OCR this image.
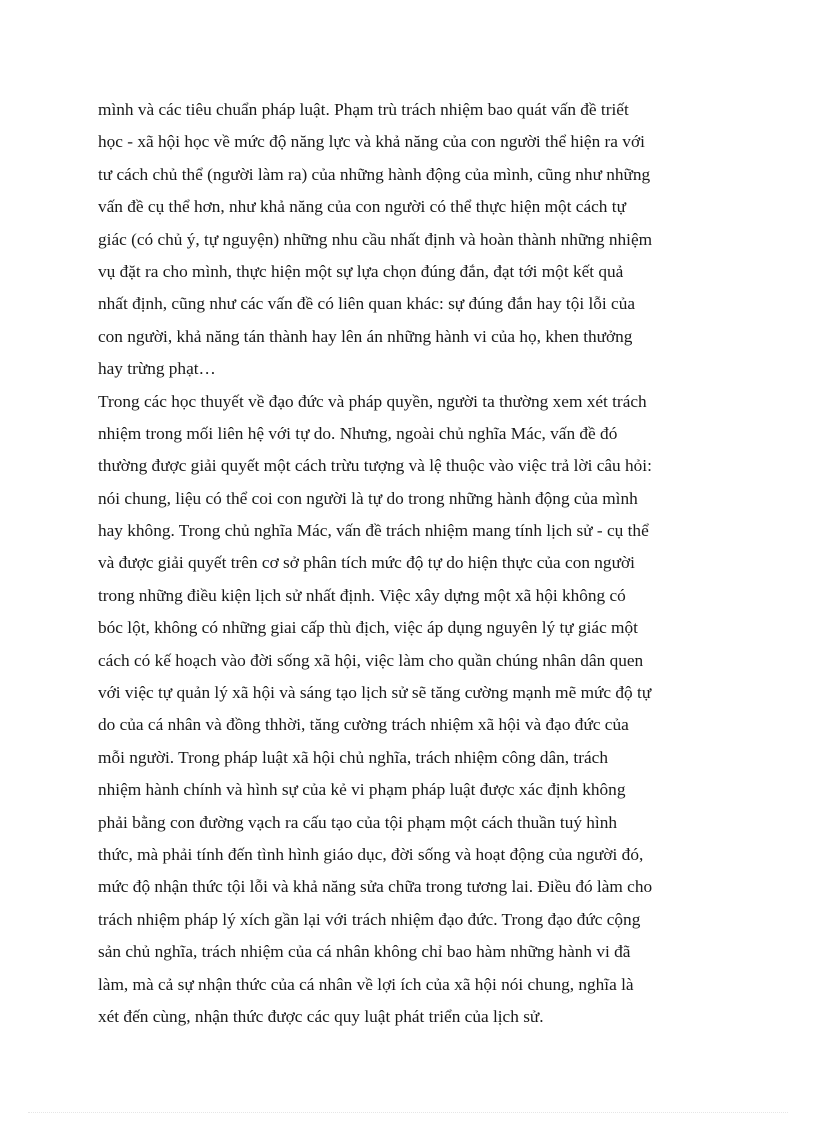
mình và các tiêu chuẩn pháp luật. Phạm trù trách nhiệm bao quát vấn đề triết
học - xã hội học về mức độ năng lực và khả năng của con người thể hiện ra với
tư cách chủ thể (người làm ra) của những hành động của mình, cũng như những
vấn đề cụ thể hơn, như khả năng của con người có thể thực hiện một cách tự
giác (có chủ ý, tự nguyện) những nhu cầu nhất định và hoàn thành những nhiệm
vụ đặt ra cho mình, thực hiện một sự lựa chọn đúng đắn, đạt tới một kết quả
nhất định, cũng như các vấn đề có liên quan khác: sự đúng đắn hay tội lỗi của
con người, khả năng tán thành hay lên án những hành vi của họ, khen thưởng
hay trừng phạt…
Trong các học thuyết về đạo đức và pháp quyền, người ta thường xem xét trách
nhiệm trong mối liên hệ với tự do. Nhưng, ngoài chủ nghĩa Mác, vấn đề đó
thường được giải quyết một cách trừu tượng và lệ thuộc vào việc trả lời câu hỏi:
nói chung, liệu có thể coi con người là tự do trong những hành động của mình
hay không. Trong chủ nghĩa Mác, vấn đề trách nhiệm mang tính lịch sử - cụ thể
và được giải quyết trên cơ sở phân tích mức độ tự do hiện thực của con người
trong những điều kiện lịch sử nhất định. Việc xây dựng một xã hội không có
bóc lột, không có những giai cấp thù địch, việc áp dụng nguyên lý tự giác một
cách có kế hoạch vào đời sống xã hội, việc làm cho quần chúng nhân dân quen
với việc tự quản lý xã hội và sáng tạo lịch sử sẽ tăng cường mạnh mẽ mức độ tự
do của cá nhân và đồng thhời, tăng cường trách nhiệm xã hội và đạo đức của
mỗi người. Trong pháp luật xã hội chủ nghĩa, trách nhiệm công dân, trách
nhiệm hành chính và hình sự của kẻ vi phạm pháp luật được xác định không
phải bằng con đường vạch ra cấu tạo của tội phạm một cách thuần tuý hình
thức, mà phải tính đến tình hình giáo dục, đời sống và hoạt động của người đó,
mức độ nhận thức tội lỗi và khả năng sửa chữa trong tương lai. Điều đó làm cho
trách nhiệm pháp lý xích gần lại với trách nhiệm đạo đức. Trong đạo đức cộng
sản chủ nghĩa, trách nhiệm của cá nhân không chỉ bao hàm những hành vi đã
làm, mà cả sự nhận thức của cá nhân về lợi ích của xã hội nói chung, nghĩa là
xét đến cùng, nhận thức được các quy luật phát triển của lịch sử.
